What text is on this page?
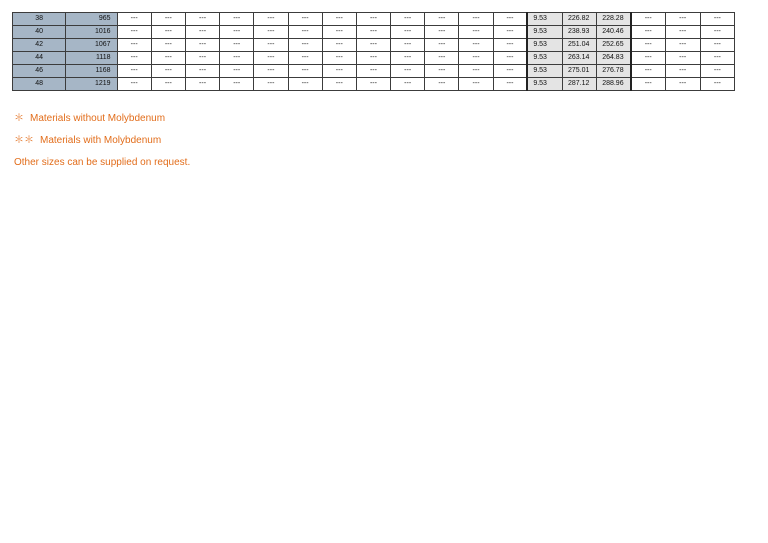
38	965	---	---	---	---	---	---	---	---	---	---	---	---	9.53	226.82	228.28	---	---	---
40	1016	---	---	---	---	---	---	---	---	---	---	---	---	9.53	238.93	240.46	---	---	---
42	1067	---	---	---	---	---	---	---	---	---	---	---	---	9.53	251.04	252.65	---	---	---
44	1118	---	---	---	---	---	---	---	---	---	---	---	---	9.53	263.14	264.83	---	---	---
46	1168	---	---	---	---	---	---	---	---	---	---	---	---	9.53	275.01	276.78	---	---	---
48	1219	---	---	---	---	---	---	---	---	---	---	---	---	9.53	287.12	288.96	---	---	---
＊ Materials without Molybdenum
＊＊ Materials with Molybdenum
Other sizes can be supplied on request.
